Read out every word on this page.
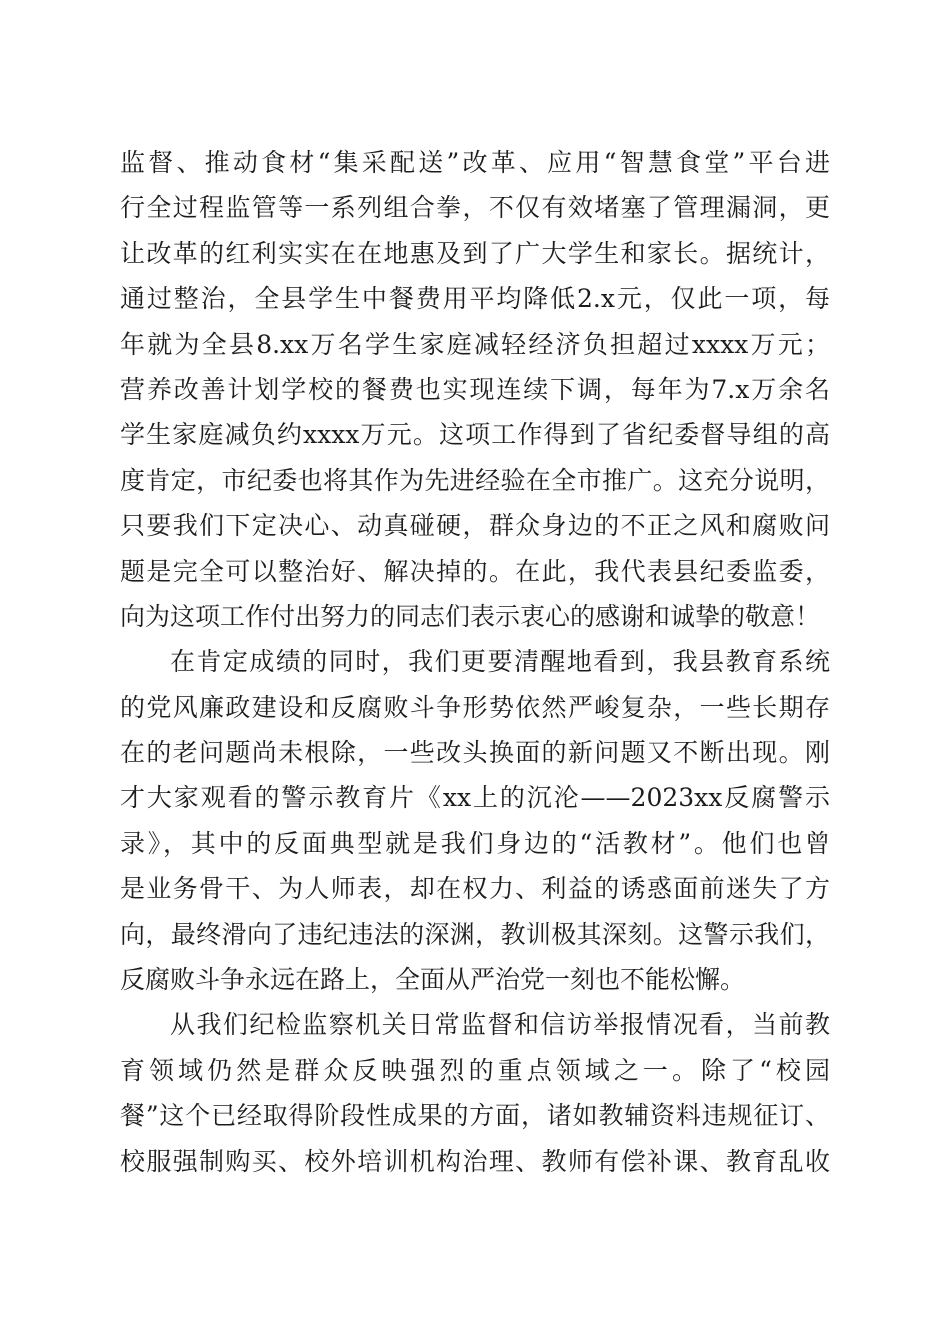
监督、推动食材“集采配送”改革、应用“智慧食堂”平台进
行全过程监管等一系列组合拳，不仅有效堵塞了管理漏洞，更
让改革的红利实实在在地惠及到了广大学生和家长。据统计，
通过整治，全县学生中餐费用平均降低2.x元，仅此一项，每
年就为全县8.xx万名学生家庭减轻经济负担超过xxxx万元；
营养改善计划学校的餐费也实现连续下调，每年为7.x万余名
学生家庭减负约xxxx万元。这项工作得到了省纪委督导组的高
度肯定，市纪委也将其作为先进经验在全市推广。这充分说明，
只要我们下定决心、动真碰硬，群众身边的不正之风和腐败问
题是完全可以整治好、解决掉的。在此，我代表县纪委监委，
向为这项工作付出努力的同志们表示衷心的感谢和诚挚的敬意！
在肯定成绩的同时，我们更要清醒地看到，我县教育系统
的党风廉政建设和反腐败斗争形势依然严峻复杂，一些长期存
在的老问题尚未根除，一些改头换面的新问题又不断出现。刚
才大家观看的警示教育片《xx上的沉沦——2023xx反腐警示
录》，其中的反面典型就是我们身边的“活教材”。他们也曾
是业务骨干、为人师表，却在权力、利益的诱惑面前迷失了方
向，最终滑向了违纪违法的深渊，教训极其深刻。这警示我们，
反腐败斗争永远在路上，全面从严治党一刻也不能松懈。
从我们纪检监察机关日常监督和信访举报情况看，当前教
育领域仍然是群众反映强烈的重点领域之一。除了“校园
餐”这个已经取得阶段性成果的方面，诸如教辅资料违规征订、
校服强制购买、校外培训机构治理、教师有偿补课、教育乱收
